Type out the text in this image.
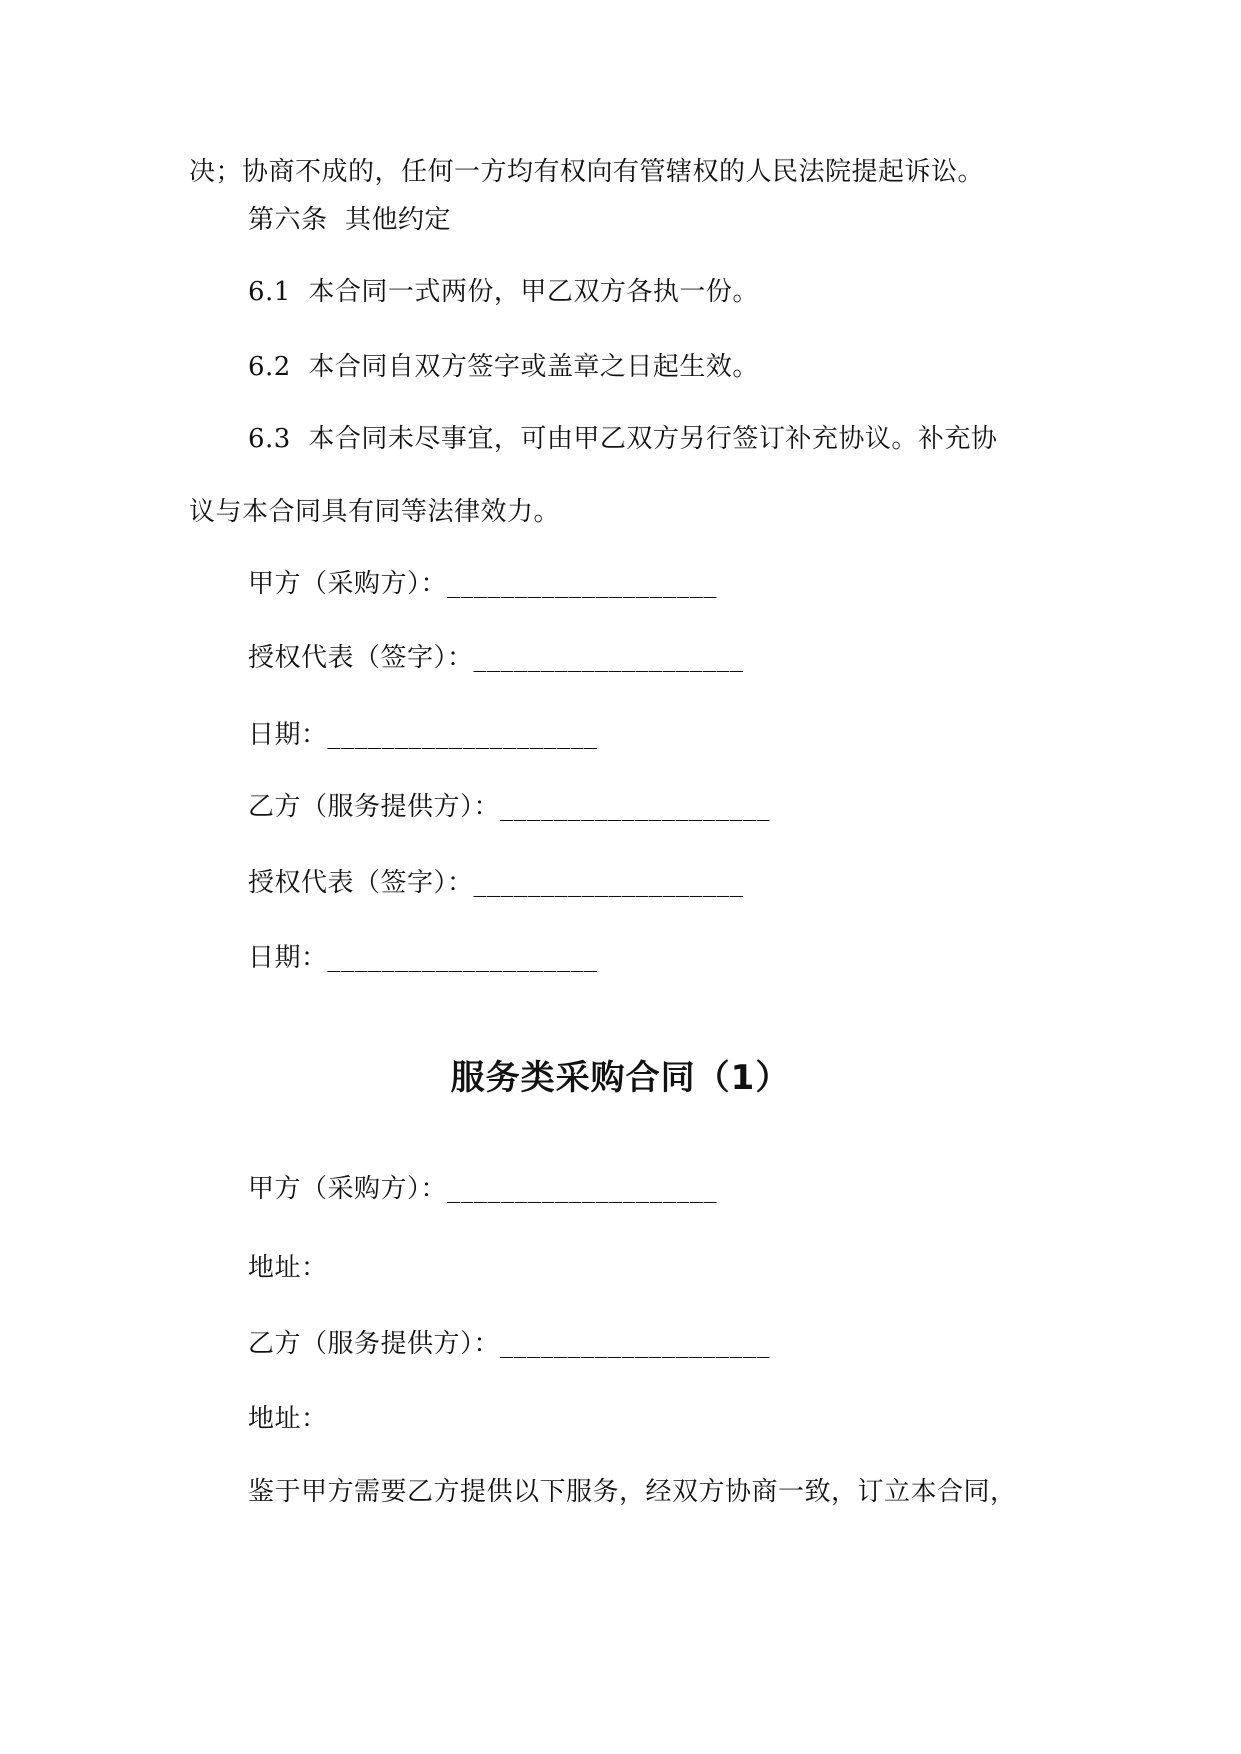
决；协商不成的，任何一方均有权向有管辖权的人民法院提起诉讼。
第六条  其他约定
6.1  本合同一式两份，甲乙双方各执一份。
6.2  本合同自双方签字或盖章之日起生效。
6.3  本合同未尽事宜，可由甲乙双方另行签订补充协议。补充协
议与本合同具有同等法律效力。
甲方（采购方）：____________________
授权代表（签字）：____________________
日期：____________________
乙方（服务提供方）：____________________
授权代表（签字）：____________________
日期：____________________
服务类采购合同（1）
甲方（采购方）：____________________
地址：
乙方（服务提供方）：____________________
地址：
鉴于甲方需要乙方提供以下服务，经双方协商一致，订立本合同，
